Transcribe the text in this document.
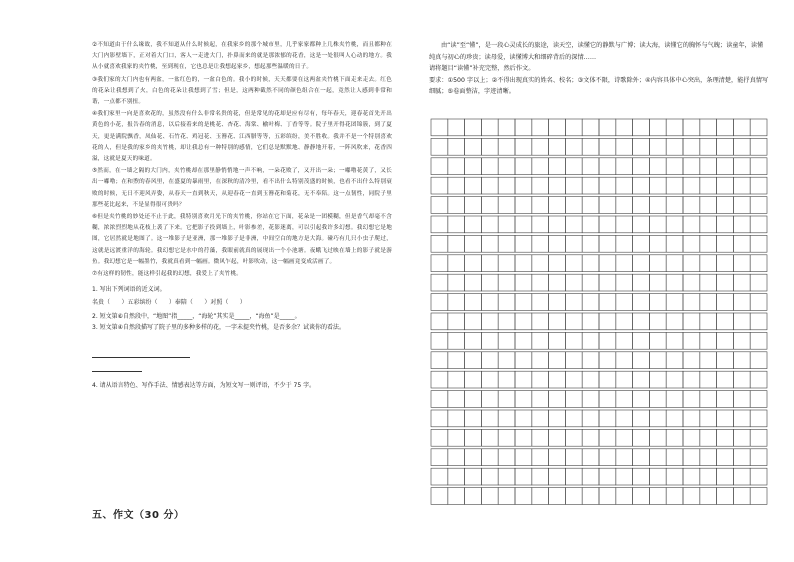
②不知道由于什么缘故，我不知道从什么时候起，在我家乡的那个城市里，几乎家家都种上几株夹竹桃，而且都种在大门内影壁墙下，正对着大门口，客人一走进大门，扑鼻而来的就是那浓郁的花香，这是一处很叫人心动的地方。我从小就喜欢我家的夹竹桃，至到现在，它也总是让我想起家乡，想起那些温暖的日子。

③我们家的大门内也有两盆，一盆红色的，一盆白色的。我小的时候，天天都要在这两盆夹竹桃下面走来走去。红色的花朵让我想到了火，白色的花朵让我想到了雪；但是，这两种截然不同的颜色组合在一起，竟然让人感到非常和谐，一点都不别扭。

④我们家里一向是喜欢花的，虽然没有什么非常名贵的花，但是常见的花却是应有尽有，每年春天，迎春花首先开出黄色的小花，报告春的消息，以后接着来的是桃花、杏花、海棠、榆叶梅、丁香等等。院子里开得花团锦簇，到了夏天，更是满院飘香，凤仙花、石竹花、鸡冠花、玉簪花、江西腊等等，五彩缤纷，美不胜收。我并不是一个特别喜欢花的人，但是我的家乡的夹竹桃，却让我总有一种特别的感情，它们总是默默地、静静地开着，一阵风吹来，花香四溢，这就是夏天的味道。

⑤然而，在一墙之隔的大门内，夹竹桃却在那里静悄悄地一声不响，一朵花败了，又开出一朵；一嘟噜花黄了，又长出一嘟噜；在和煦的春风里，在盛夏的暴雨里，在深秋的清冷里，看不出什么特别茂盛的时候，也看不出什么特别衰败的时候，无日不迎风弄姿，从春天一直到秋天，从迎春花一直到玉簪花和菊花，无不奉陪。这一点韧性，同院子里那些花比起来，不是显得很可贵吗？

⑥但是夹竹桃的妙处还不止于此，我特别喜欢月光下的夹竹桃，你站在它下面，花朵是一团模糊，但是香气却毫不含糊，浓浓烈烈地从花枝上袭了下来。它把影子投到墙上，叶影参差，花影迷离，可以引起我许多幻想。我幻想它是地图，它居然就是地图了。这一堆影子是亚洲，那一堆影子是非洲，中间空白的地方是大海。碰巧有几只小虫子爬过，这就是远渡重洋的海轮。我幻想它是水中的荇藻，我眼前就真的展现出一个小池塘。夜蛾飞过映在墙上的影子就是游鱼。我幻想它是一幅墨竹，我就真看到一幅画。微风乍起，叶影吹动，这一幅画竟变成活画了。

⑦有这样的韧性，能这样引起我的幻想，我爱上了夹竹桃。

1. 写出下列词语的近义词。

名贵（      ）五彩缤纷（      ）奉陪（      ）对照（      ）

2. 短文第⑥自然段中，“地图”指_____，“海轮”其实是_____，“海鱼”是_____。

3. 短文第④自然段描写了院子里的多种多样的花，一字未提夹竹桃，是否多余？试谈你的看法。

4. 请从语言特色、写作手法、情感表达等方面，为短文写一则评语，不少于 75 字。

五、作文（30 分）

由“读”至“懂”，是一段心灵成长的旅途，读天空，读懂它的静默与广博；读大海，读懂它的胸怀与气魄；读童年，读懂纯真与初心的珍贵；读母爱，读懂博大和细碎背后的深情……

请将题目“读懂”补充完整，然后作文。

要求：①500 字以上；②不得出现真实的姓名、校名；③文体不限，诗歌除外；④内容具体中心突出，条理清楚，能抒真情写细腻；⑤卷面整洁，字迹清晰。
